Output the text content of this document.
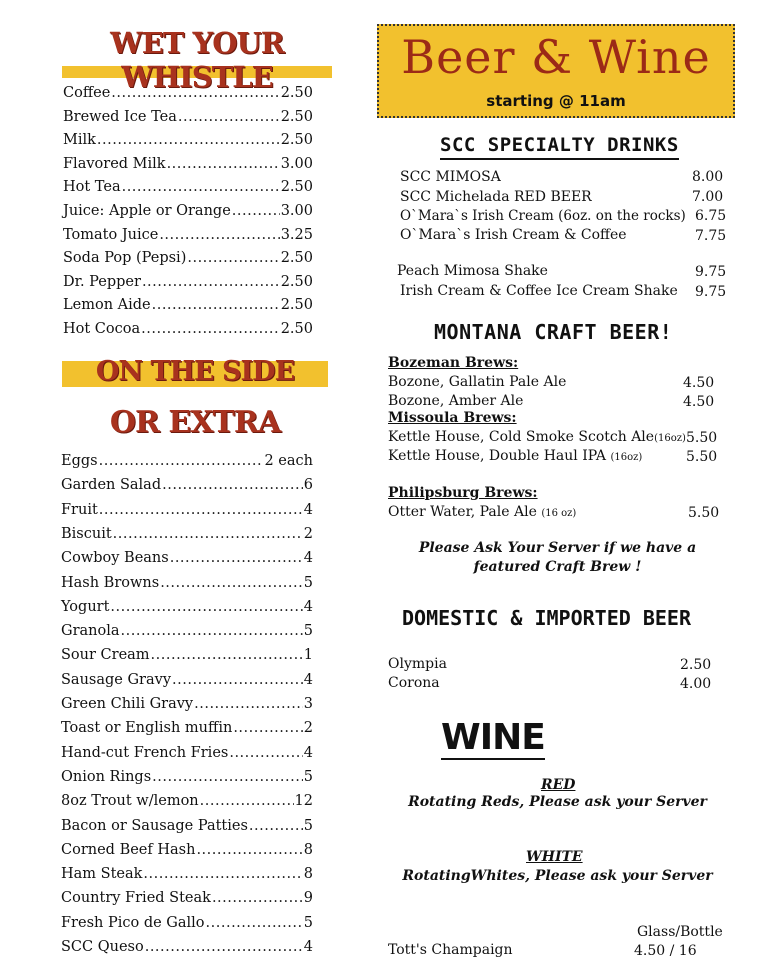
WET YOUR WHISTLE
Coffee .....	2.50
Brewed Ice Tea .....	2.50
Milk .....	2.50
Flavored Milk .....	3.00
Hot Tea .....	2.50
Juice: Apple or Orange .....	3.00
Tomato Juice .....	3.25
Soda Pop (Pepsi) .....	2.50
Dr. Pepper .....	2.50
Lemon Aide .....	2.50
Hot Cocoa .....	2.50
ON THE SIDE
OR EXTRA
Eggs .....	2 each
Garden Salad .....	6
Fruit .....	4
Biscuit .....	2
Cowboy Beans .....	4
Hash Browns .....	5
Yogurt .....	4
Granola .....	5
Sour Cream .....	1
Sausage Gravy .....	4
Green Chili Gravy .....	3
Toast or English muffin .....	2
Hand-cut French Fries .....	4
Onion Rings .....	5
8oz Trout w/lemon .....	12
Bacon or Sausage Patties .....	5
Corned Beef Hash .....	8
Ham Steak .....	8
Country Fried Steak .....	9
Fresh Pico de Gallo .....	5
SCC Queso .....	4
Beer & Wine
starting @ 11am
SCC SPECIALTY DRINKS
SCC MIMOSA	8.00
SCC Michelada RED BEER	7.00
O`Mara`s Irish Cream (6oz. on the rocks) 6.75
O`Mara`s Irish Cream & Coffee	7.75
Peach Mimosa Shake	9.75
Irish Cream & Coffee Ice Cream Shake 9.75
MONTANA CRAFT BEER!
Bozeman Brews:
Bozone, Gallatin Pale Ale	4.50
Bozone, Amber Ale	4.50
Missoula Brews:
Kettle House, Cold Smoke Scotch Ale(16oz) 5.50
Kettle House, Double Haul IPA (16oz)	5.50
Philipsburg Brews:
Otter Water, Pale Ale (16 oz)	5.50
Please Ask Your Server if we have a
featured Craft Brew !
DOMESTIC & IMPORTED BEER
Olympia	2.50
Corona	4.00
WINE
RED
Rotating Reds, Please ask your Server
WHITE
RotatingWhites, Please ask your Server
Glass/Bottle
Tott's Champaign	4.50 / 16
